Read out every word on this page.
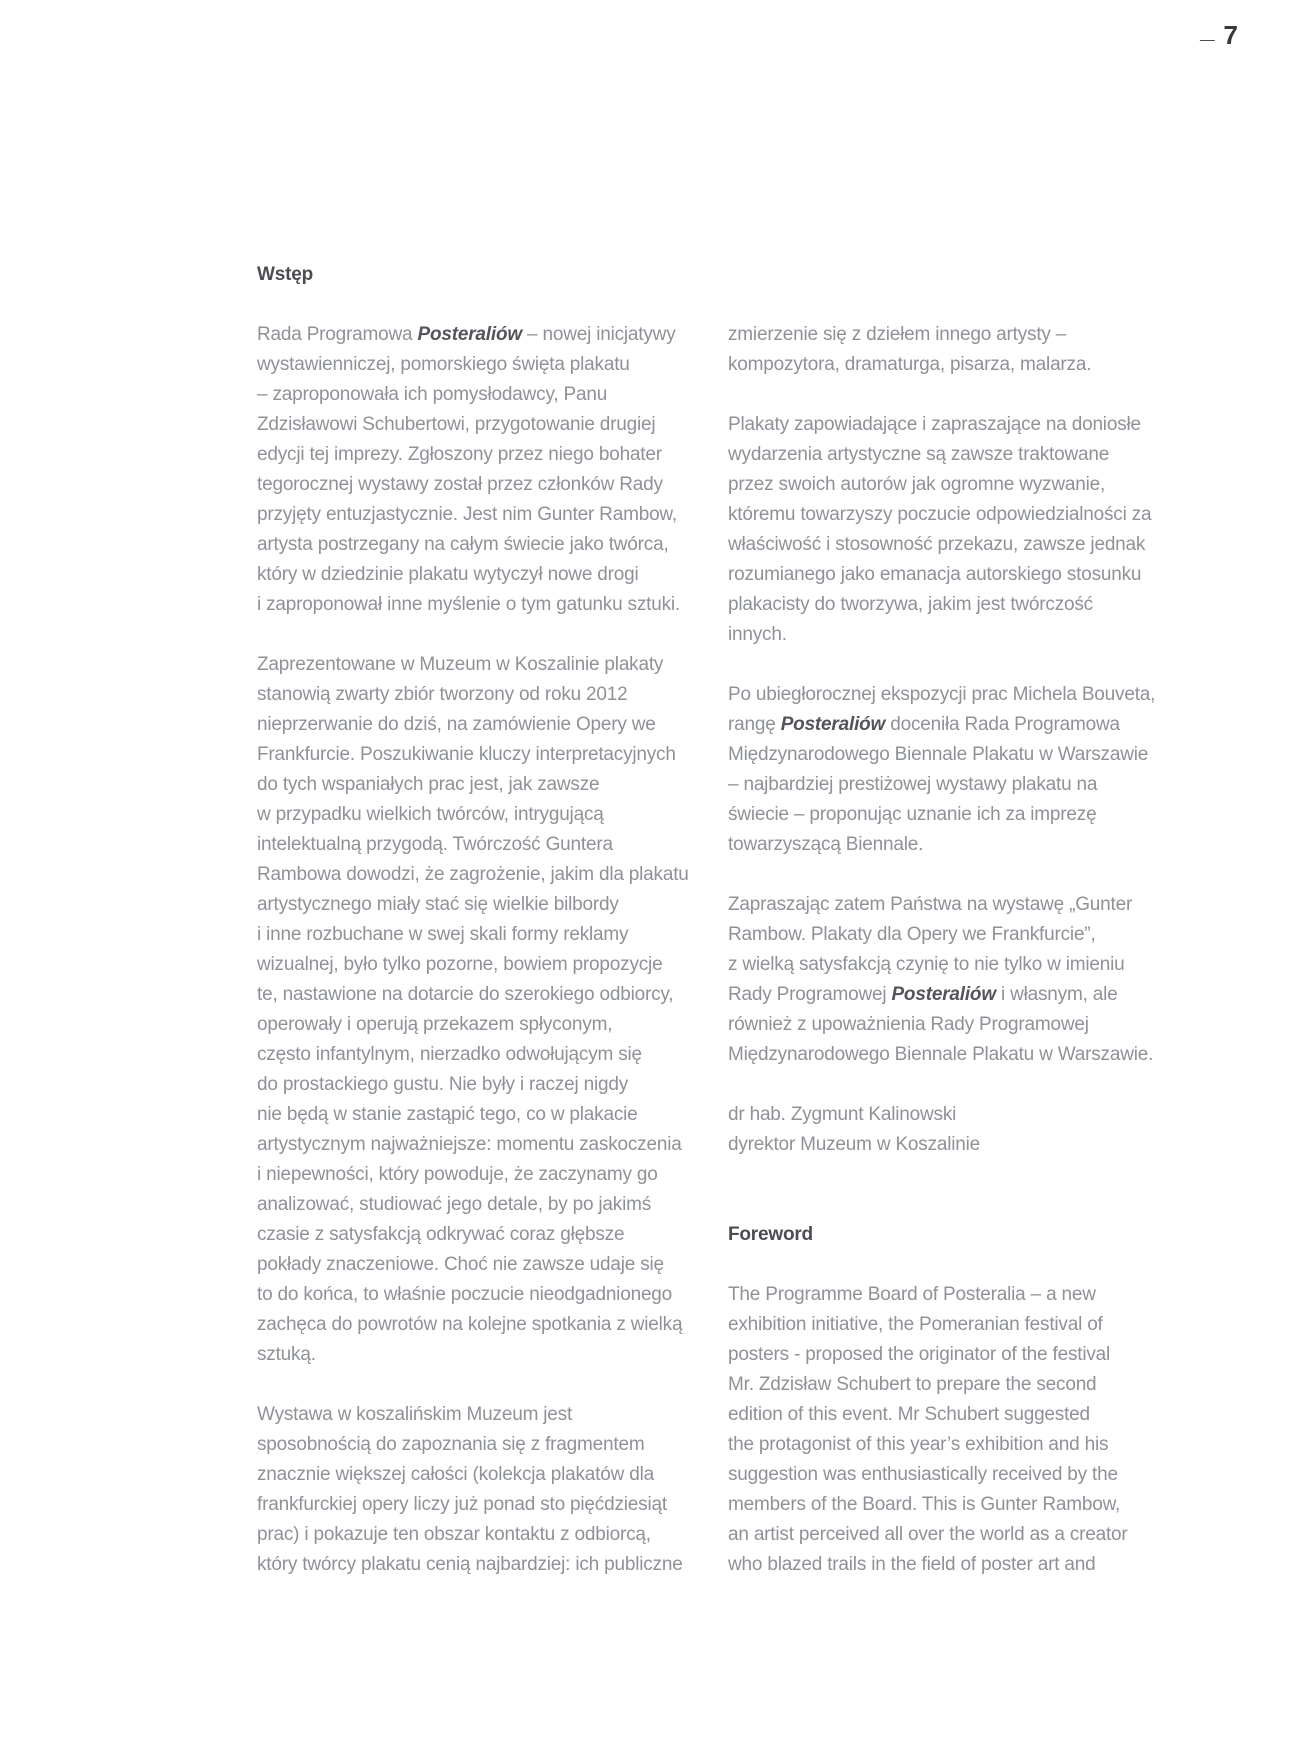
_ 7
Wstęp
Rada Programowa Posteraliów – nowej inicjatywy
wystawienniczej, pomorskiego święta plakatu
– zaproponowała ich pomysłodawcy, Panu
Zdzisławowi Schubertowi, przygotowanie drugiej
edycji tej imprezy. Zgłoszony przez niego bohater
tegorocznej wystawy został przez członków Rady
przyjęty entuzjastycznie. Jest nim Gunter Rambow,
artysta postrzegany na całym świecie jako twórca,
który w dziedzinie plakatu wytyczył nowe drogi
i zaproponował inne myślenie o tym gatunku sztuki.
Zaprezentowane w Muzeum w Koszalinie plakaty
stanowią zwarty zbiór tworzony od roku 2012
nieprzerwanie do dziś, na zamówienie Opery we
Frankfurcie. Poszukiwanie kluczy interpretacyjnych
do tych wspaniałych prac jest, jak zawsze
w przypadku wielkich twórców, intrygującą
intelektualną przygodą. Twórczość Guntera
Rambowa dowodzi, że zagrożenie, jakim dla plakatu
artystycznego miały stać się wielkie bilbordy
i inne rozbuchane w swej skali formy reklamy
wizualnej, było tylko pozorne, bowiem propozycje
te, nastawione na dotarcie do szerokiego odbiorcy,
operowały i operują przekazem spłyconym,
często infantylnym, nierzadko odwołującym się
do prostackiego gustu. Nie były i raczej nigdy
nie będą w stanie zastąpić tego, co w plakacie
artystycznym najważniejsze: momentu zaskoczenia
i niepewności, który powoduje, że zaczynamy go
analizować, studiować jego detale, by po jakimś
czasie z satysfakcją odkrywać coraz głębsze
pokłady znaczeniowe. Choć nie zawsze udaje się
to do końca, to właśnie poczucie nieodgadnionego
zachęca do powrotów na kolejne spotkania z wielką
sztuką.
Wystawa w koszalińskim Muzeum jest
sposobnością do zapoznania się z fragmentem
znacznie większej całości (kolekcja plakatów dla
frankfurckiej opery liczy już ponad sto pięćdziesiąt
prac) i pokazuje ten obszar kontaktu z odbiorcą,
który twórcy plakatu cenią najbardziej: ich publiczne
zmierzenie się z dziełem innego artysty –
kompozytora, dramaturga, pisarza, malarza.
Plakaty zapowiadające i zapraszające na doniosłe
wydarzenia artystyczne są zawsze traktowane
przez swoich autorów jak ogromne wyzwanie,
któremu towarzyszy poczucie odpowiedzialności za
właściwość i stosowność przekazu, zawsze jednak
rozumianego jako emanacja autorskiego stosunku
plakacisty do tworzywa, jakim jest twórczość
innych.
Po ubiegłorocznej ekspozycji prac Michela Bouveta,
rangę Posteraliów doceniła Rada Programowa
Międzynarodowego Biennale Plakatu w Warszawie
– najbardziej prestiżowej wystawy plakatu na
świecie – proponując uznanie ich za imprezę
towarzyszącą Biennale.
Zapraszając zatem Państwa na wystawę „Gunter
Rambow. Plakaty dla Opery we Frankfurcie”,
z wielką satysfakcją czynię to nie tylko w imieniu
Rady Programowej Posteraliów i własnym, ale
również z upoważnienia Rady Programowej
Międzynarodowego Biennale Plakatu w Warszawie.
dr hab. Zygmunt Kalinowski
dyrektor Muzeum w Koszalinie
Foreword
The Programme Board of Posteralia – a new
exhibition initiative, the Pomeranian festival of
posters - proposed the originator of the festival
Mr. Zdzisław Schubert to prepare the second
edition of this event. Mr Schubert suggested
the protagonist of this year’s exhibition and his
suggestion was enthusiastically received by the
members of the Board. This is Gunter Rambow,
an artist perceived all over the world as a creator
who blazed trails in the field of poster art and
